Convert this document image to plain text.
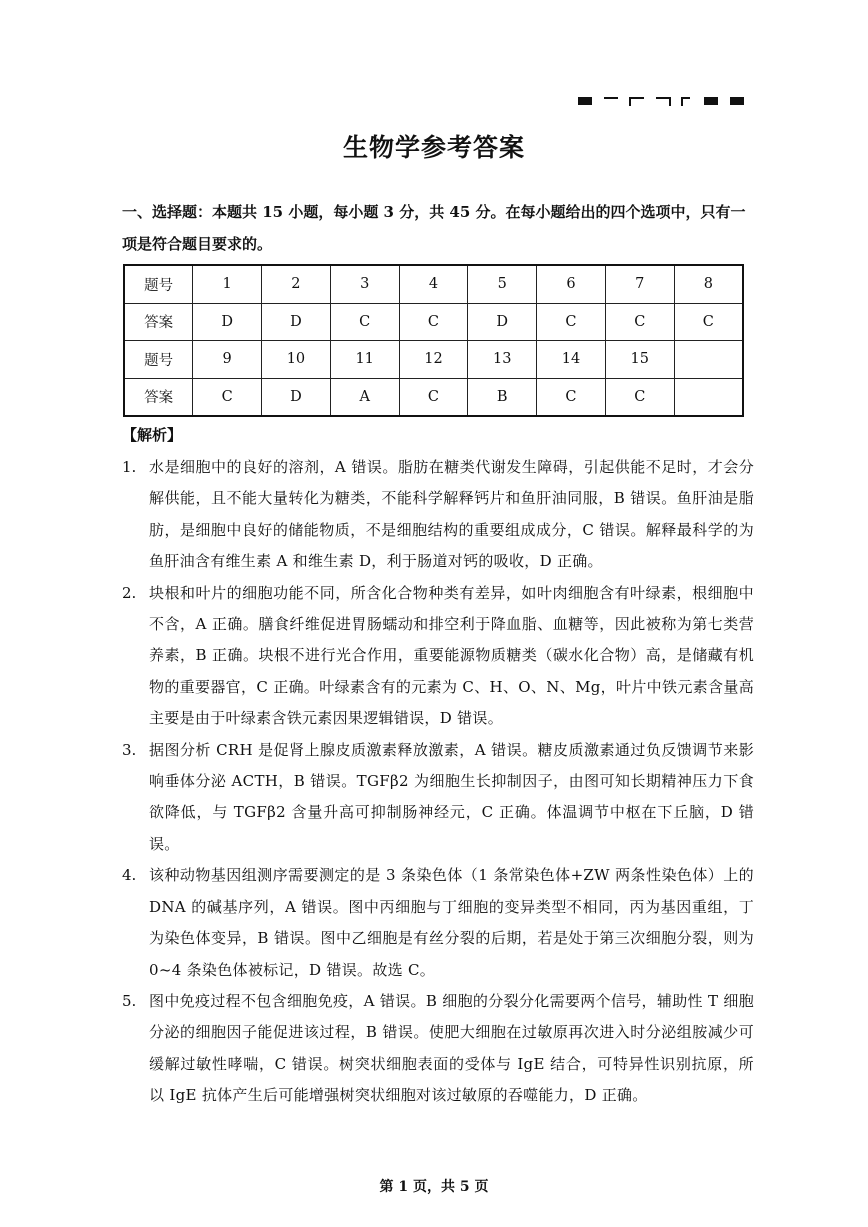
生物学参考答案
一、选择题：本题共 15 小题，每小题 3 分，共 45 分。在每小题给出的四个选项中，只有一项是符合题目要求的。
题号	1	2	3	4	5	6	7	8
答案	D	D	C	C	D	C	C	C
题号	9	10	11	12	13	14	15	
答案	C	D	A	C	B	C	C	
【解析】
1. 水是细胞中的良好的溶剂，A 错误。脂肪在糖类代谢发生障碍，引起供能不足时，才会分解供能，且不能大量转化为糖类，不能科学解释钙片和鱼肝油同服，B 错误。鱼肝油是脂肪，是细胞中良好的储能物质，不是细胞结构的重要组成成分，C 错误。解释最科学的为鱼肝油含有维生素 A 和维生素 D，利于肠道对钙的吸收，D 正确。
2. 块根和叶片的细胞功能不同，所含化合物种类有差异，如叶肉细胞含有叶绿素，根细胞中不含，A 正确。膳食纤维促进胃肠蠕动和排空利于降血脂、血糖等，因此被称为第七类营养素，B 正确。块根不进行光合作用，重要能源物质糖类（碳水化合物）高，是储藏有机物的重要器官，C 正确。叶绿素含有的元素为 C、H、O、N、Mg，叶片中铁元素含量高主要是由于叶绿素含铁元素因果逻辑错误，D 错误。
3. 据图分析 CRH 是促肾上腺皮质激素释放激素，A 错误。糖皮质激素通过负反馈调节来影响垂体分泌 ACTH，B 错误。TGFβ2 为细胞生长抑制因子，由图可知长期精神压力下食欲降低，与 TGFβ2 含量升高可抑制肠神经元，C 正确。体温调节中枢在下丘脑，D 错误。
4. 该种动物基因组测序需要测定的是 3 条染色体（1 条常染色体+ZW 两条性染色体）上的 DNA 的碱基序列，A 错误。图中丙细胞与丁细胞的变异类型不相同，丙为基因重组，丁为染色体变异，B 错误。图中乙细胞是有丝分裂的后期，若是处于第三次细胞分裂，则为 0~4 条染色体被标记，D 错误。故选 C。
5. 图中免疫过程不包含细胞免疫，A 错误。B 细胞的分裂分化需要两个信号，辅助性 T 细胞分泌的细胞因子能促进该过程，B 错误。使肥大细胞在过敏原再次进入时分泌组胺减少可缓解过敏性哮喘，C 错误。树突状细胞表面的受体与 IgE 结合，可特异性识别抗原，所以 IgE 抗体产生后可能增强树突状细胞对该过敏原的吞噬能力，D 正确。
第 1 页，共 5 页
